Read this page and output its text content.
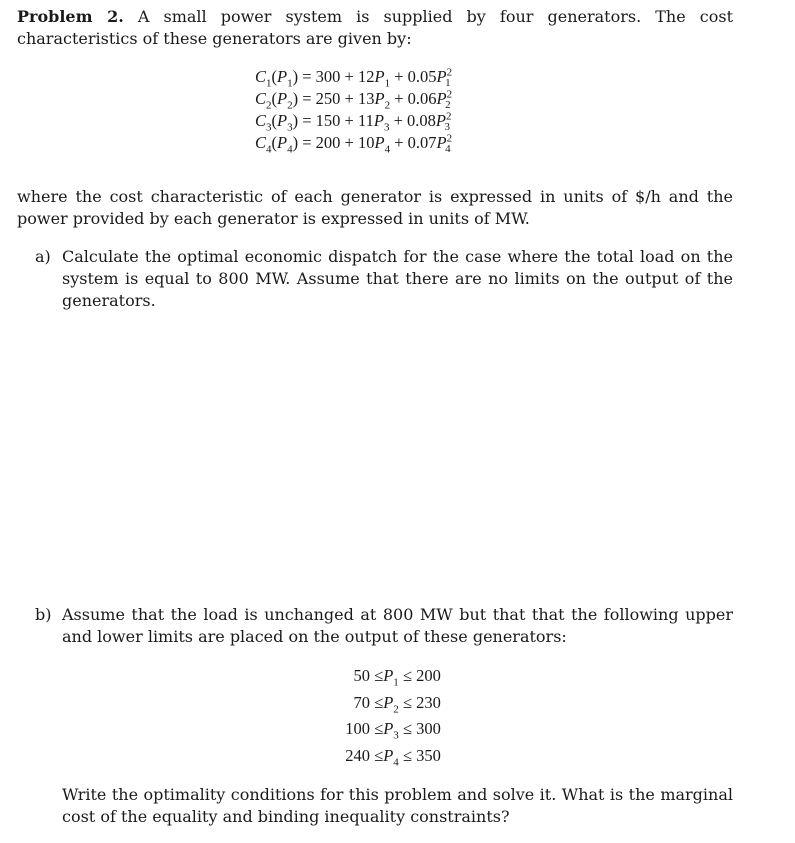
Problem 2. A small power system is supplied by four generators. The cost characteristics of these generators are given by:
$C_1(P_1) = 300 + 12P_1 + 0.05P^2_1$
$C_2(P_2) = 250 + 13P_2 + 0.06P^2_2$
$C_3(P_3) = 150 + 11P_3 + 0.08P^2_3$
$C_4(P_4) = 200 + 10P_4 + 0.07P^2_4$
where the cost characteristic of each generator is expressed in units of $/h and the power provided by each generator is expressed in units of MW.
a) Calculate the optimal economic dispatch for the case where the total load on the system is equal to 800 MW. Assume that there are no limits on the output of the generators.
b) Assume that the load is unchanged at 800 MW but that that the following upper and lower limits are placed on the output of these generators:
$50 \le P_1 \le 200$
$70 \le P_2 \le 230$
$100 \le P_3 \le 300$
$240 \le P_4 \le 350$
Write the optimality conditions for this problem and solve it. What is the marginal cost of the equality and binding inequality constraints?
